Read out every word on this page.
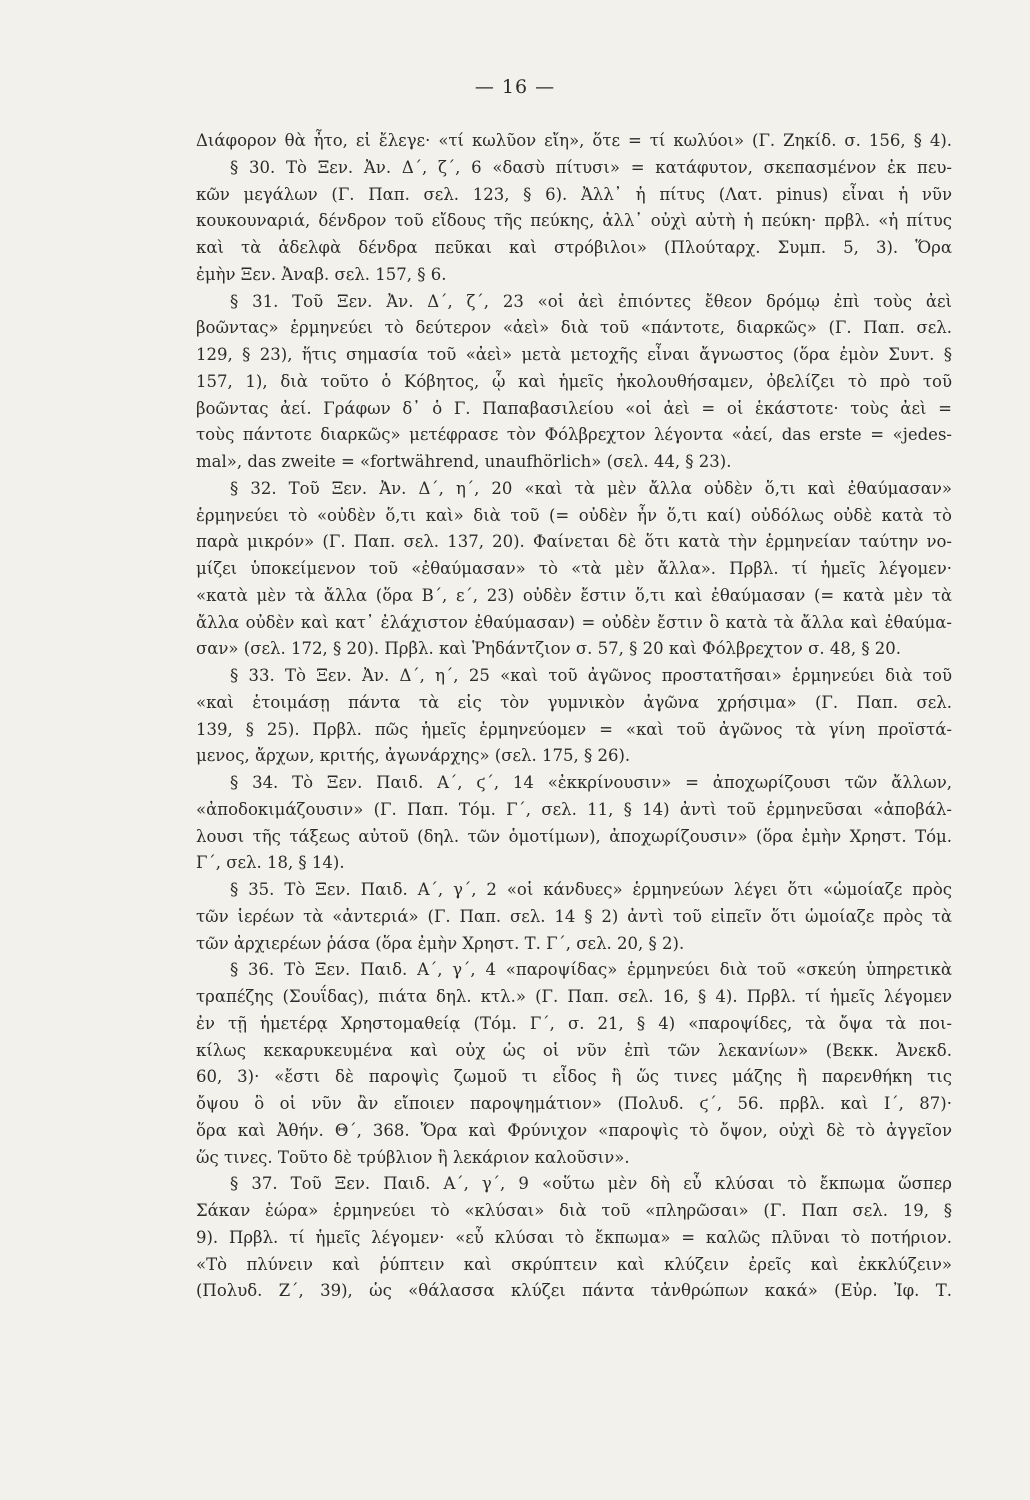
— 16 —
Διάφορον θὰ ἦτο, εἰ ἔλεγε· «τί κωλῦον εἴη», ὅτε = τί κωλύοι» (Γ. Ζηκίδ. σ. 156, § 4).
§ 30. Τὸ Ξεν. Ἀν. Δ΄, ζ΄, 6 «δασὺ πίτυσι» = κατάφυτον, σκεπασμένον ἐκ πευ-
κῶν μεγάλων (Γ. Παπ. σελ. 123, § 6). Ἀλλ᾽ ἡ πίτυς (Λατ. pinus) εἶναι ἡ νῦν
κουκουναριά, δένδρον τοῦ εἴδους τῆς πεύκης, ἀλλ᾽ οὐχὶ αὐτὴ ἡ πεύκη· πρβλ. «ἡ πίτυς
καὶ τὰ ἀδελφὰ δένδρα πεῦκαι καὶ στρόβιλοι» (Πλούταρχ. Συμπ. 5, 3). Ὅρα
ἐμὴν Ξεν. Ἀναβ. σελ. 157, § 6.
§ 31. Τοῦ Ξεν. Ἀν. Δ΄, ζ΄, 23 «οἱ ἀεὶ ἐπιόντες ἔθεον δρόμῳ ἐπὶ τοὺς ἀεὶ
βοῶντας» ἑρμηνεύει τὸ δεύτερον «ἀεὶ» διὰ τοῦ «πάντοτε, διαρκῶς» (Γ. Παπ. σελ.
129, § 23), ἥτις σημασία τοῦ «ἀεὶ» μετὰ μετοχῆς εἶναι ἄγνωστος (ὅρα ἐμὸν Συντ. §
157, 1), διὰ τοῦτο ὁ Κόβητος, ᾧ καὶ ἡμεῖς ἠκολουθήσαμεν, ὀβελίζει τὸ πρὸ τοῦ
βοῶντας ἀεί. Γράφων δ᾽ ὁ Γ. Παπαβασιλείου «οἱ ἀεὶ = οἱ ἑκάστοτε· τοὺς ἀεὶ =
τοὺς πάντοτε διαρκῶς» μετέφρασε τὸν Φόλβρεχτον λέγοντα «ἀεί, das erste = «jedes-
mal», das zweite = «fortwährend, unaufhörlich» (σελ. 44, § 23).
§ 32. Τοῦ Ξεν. Ἀν. Δ΄, η΄, 20 «καὶ τὰ μὲν ἄλλα οὐδὲν ὅ,τι καὶ ἐθαύμασαν»
ἑρμηνεύει τὸ «οὐδὲν ὅ,τι καὶ» διὰ τοῦ (= οὐδὲν ἦν ὅ,τι καί) οὐδόλως οὐδὲ κατὰ τὸ
παρὰ μικρόν» (Γ. Παπ. σελ. 137, 20). Φαίνεται δὲ ὅτι κατὰ τὴν ἑρμηνείαν ταύτην νο-
μίζει ὑποκείμενον τοῦ «ἐθαύμασαν» τὸ «τὰ μὲν ἄλλα». Πρβλ. τί ἡμεῖς λέγομεν·
«κατὰ μὲν τὰ ἄλλα (ὅρα Β΄, ε΄, 23) οὐδὲν ἔστιν ὅ,τι καὶ ἐθαύμασαν (= κατὰ μὲν τὰ
ἄλλα οὐδὲν καὶ κατ᾽ ἐλάχιστον ἐθαύμασαν) = οὐδὲν ἔστιν ὃ κατὰ τὰ ἄλλα καὶ ἐθαύμα-
σαν» (σελ. 172, § 20). Πρβλ. καὶ Ῥηδάντζιον σ. 57, § 20 καὶ Φόλβρεχτον σ. 48, § 20.
§ 33. Τὸ Ξεν. Ἀν. Δ΄, η΄, 25 «καὶ τοῦ ἀγῶνος προστατῆσαι» ἑρμηνεύει διὰ τοῦ
«καὶ ἑτοιμάσῃ πάντα τὰ εἰς τὸν γυμνικὸν ἀγῶνα χρήσιμα» (Γ. Παπ. σελ.
139, § 25). Πρβλ. πῶς ἡμεῖς ἑρμηνεύομεν = «καὶ τοῦ ἀγῶνος τὰ γίνη προϊστά-
μενος, ἄρχων, κριτής, ἀγωνάρχης» (σελ. 175, § 26).
§ 34. Τὸ Ξεν. Παιδ. Α΄, ϛ΄, 14 «ἐκκρίνουσιν» = ἀποχωρίζουσι τῶν ἄλλων,
«ἀποδοκιμάζουσιν» (Γ. Παπ. Τόμ. Γ΄, σελ. 11, § 14) ἀντὶ τοῦ ἑρμηνεῦσαι «ἀποβάλ-
λουσι τῆς τάξεως αὐτοῦ (δηλ. τῶν ὁμοτίμων), ἀποχωρίζουσιν» (ὅρα ἐμὴν Χρηστ. Τόμ.
Γ΄, σελ. 18, § 14).
§ 35. Τὸ Ξεν. Παιδ. Α΄, γ΄, 2 «οἱ κάνδυες» ἑρμηνεύων λέγει ὅτι «ὡμοίαζε πρὸς
τῶν ἱερέων τὰ «ἀντεριά» (Γ. Παπ. σελ. 14 § 2) ἀντὶ τοῦ εἰπεῖν ὅτι ὡμοίαζε πρὸς τὰ
τῶν ἀρχιερέων ῥάσα (ὅρα ἐμὴν Χρηστ. Τ. Γ΄, σελ. 20, § 2).
§ 36. Τὸ Ξεν. Παιδ. Α΄, γ΄, 4 «παροψίδας» ἑρμηνεύει διὰ τοῦ «σκεύη ὑπηρετικὰ
τραπέζης (Σουΐδας), πιάτα δηλ. κτλ.» (Γ. Παπ. σελ. 16, § 4). Πρβλ. τί ἡμεῖς λέγομεν
ἐν τῇ ἡμετέρᾳ Χρηστομαθείᾳ (Τόμ. Γ΄, σ. 21, § 4) «παροψίδες, τὰ ὄψα τὰ ποι-
κίλως κεκαρυκευμένα καὶ οὐχ ὡς οἱ νῦν ἐπὶ τῶν λεκανίων» (Βεκκ. Ἀνεκδ.
60, 3)· «ἔστι δὲ παροψὶς ζωμοῦ τι εἶδος ἢ ὥς τινες μάζης ἢ παρενθήκη τις
ὄψου ὃ οἱ νῦν ἂν εἴποιεν παροψημάτιον» (Πολυδ. ϛ΄, 56. πρβλ. καὶ Ι΄, 87)·
ὅρα καὶ Ἀθήν. Θ΄, 368. Ὅρα καὶ Φρύνιχον «παροψὶς τὸ ὄψον, οὐχὶ δὲ τὸ ἀγγεῖον
ὥς τινες. Τοῦτο δὲ τρύβλιον ἢ λεκάριον καλοῦσιν».
§ 37. Τοῦ Ξεν. Παιδ. Α΄, γ΄, 9 «οὕτω μὲν δὴ εὖ κλύσαι τὸ ἔκπωμα ὥσπερ
Σάκαν ἑώρα» ἑρμηνεύει τὸ «κλύσαι» διὰ τοῦ «πληρῶσαι» (Γ. Παπ σελ. 19, §
9). Πρβλ. τί ἡμεῖς λέγομεν· «εὖ κλύσαι τὸ ἔκπωμα» = καλῶς πλῦναι τὸ ποτήριον.
«Τὸ πλύνειν καὶ ῥύπτειν καὶ σκρύπτειν καὶ κλύζειν ἐρεῖς καὶ ἐκκλύζειν»
(Πολυδ. Ζ΄, 39), ὡς «θάλασσα κλύζει πάντα τἀνθρώπων κακά» (Εὐρ. Ἰφ. Τ.
